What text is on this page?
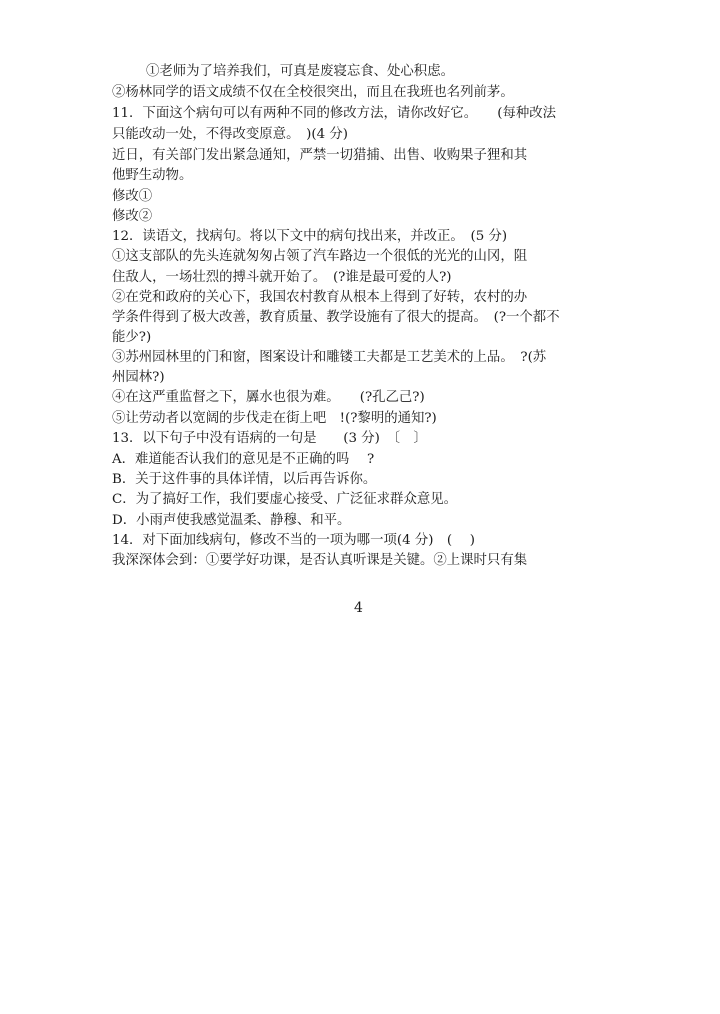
①老师为了培养我们，可真是废寝忘食、处心积虑。
②杨林同学的语文成绩不仅在全校很突出，而且在我班也名列前茅。
11．下面这个病句可以有两种不同的修改方法，请你改好它。　　(每种改法
只能改动一处，不得改变原意。　)(4 分)
近日，有关部门发出紧急通知，严禁一切猎捕、出售、收购果子狸和其
他野生动物。
修改①
修改②
12．读语文，找病句。将以下文中的病句找出来，并改正。　(5 分)
①这支部队的先头连就匆匆占领了汽车路边一个很低的光光的山冈，阻
住敌人，一场壮烈的搏斗就开始了。　(?谁是最可爱的人?)
②在党和政府的关心下，我国农村教育从根本上得到了好转，农村的办
学条件得到了极大改善，教育质量、教学设施有了很大的提高。　(?一个都不
能少?)
③苏州园林里的门和窗，图案设计和雕镂工夫都是工艺美术的上品。　?(苏
州园林?)
④在这严重监督之下，羼水也很为难。　　(?孔乙己?)
⑤让劳动者以宽阔的步伐走在街上吧　!(?黎明的通知?)
13．以下句子中没有语病的一句是　　(3 分)　〔　〕
A．难道能否认我们的意见是不正确的吗　 ?
B．关于这件事的具体详情，以后再告诉你。
C．为了搞好工作，我们要虚心接受、广泛征求群众意见。
D．小雨声使我感觉温柔、静穆、和平。
14．对下面加线病句，修改不当的一项为哪一项(4 分)　(　 )
我深深体会到：①要学好功课，是否认真听课是关键。②上课时只有集
4
